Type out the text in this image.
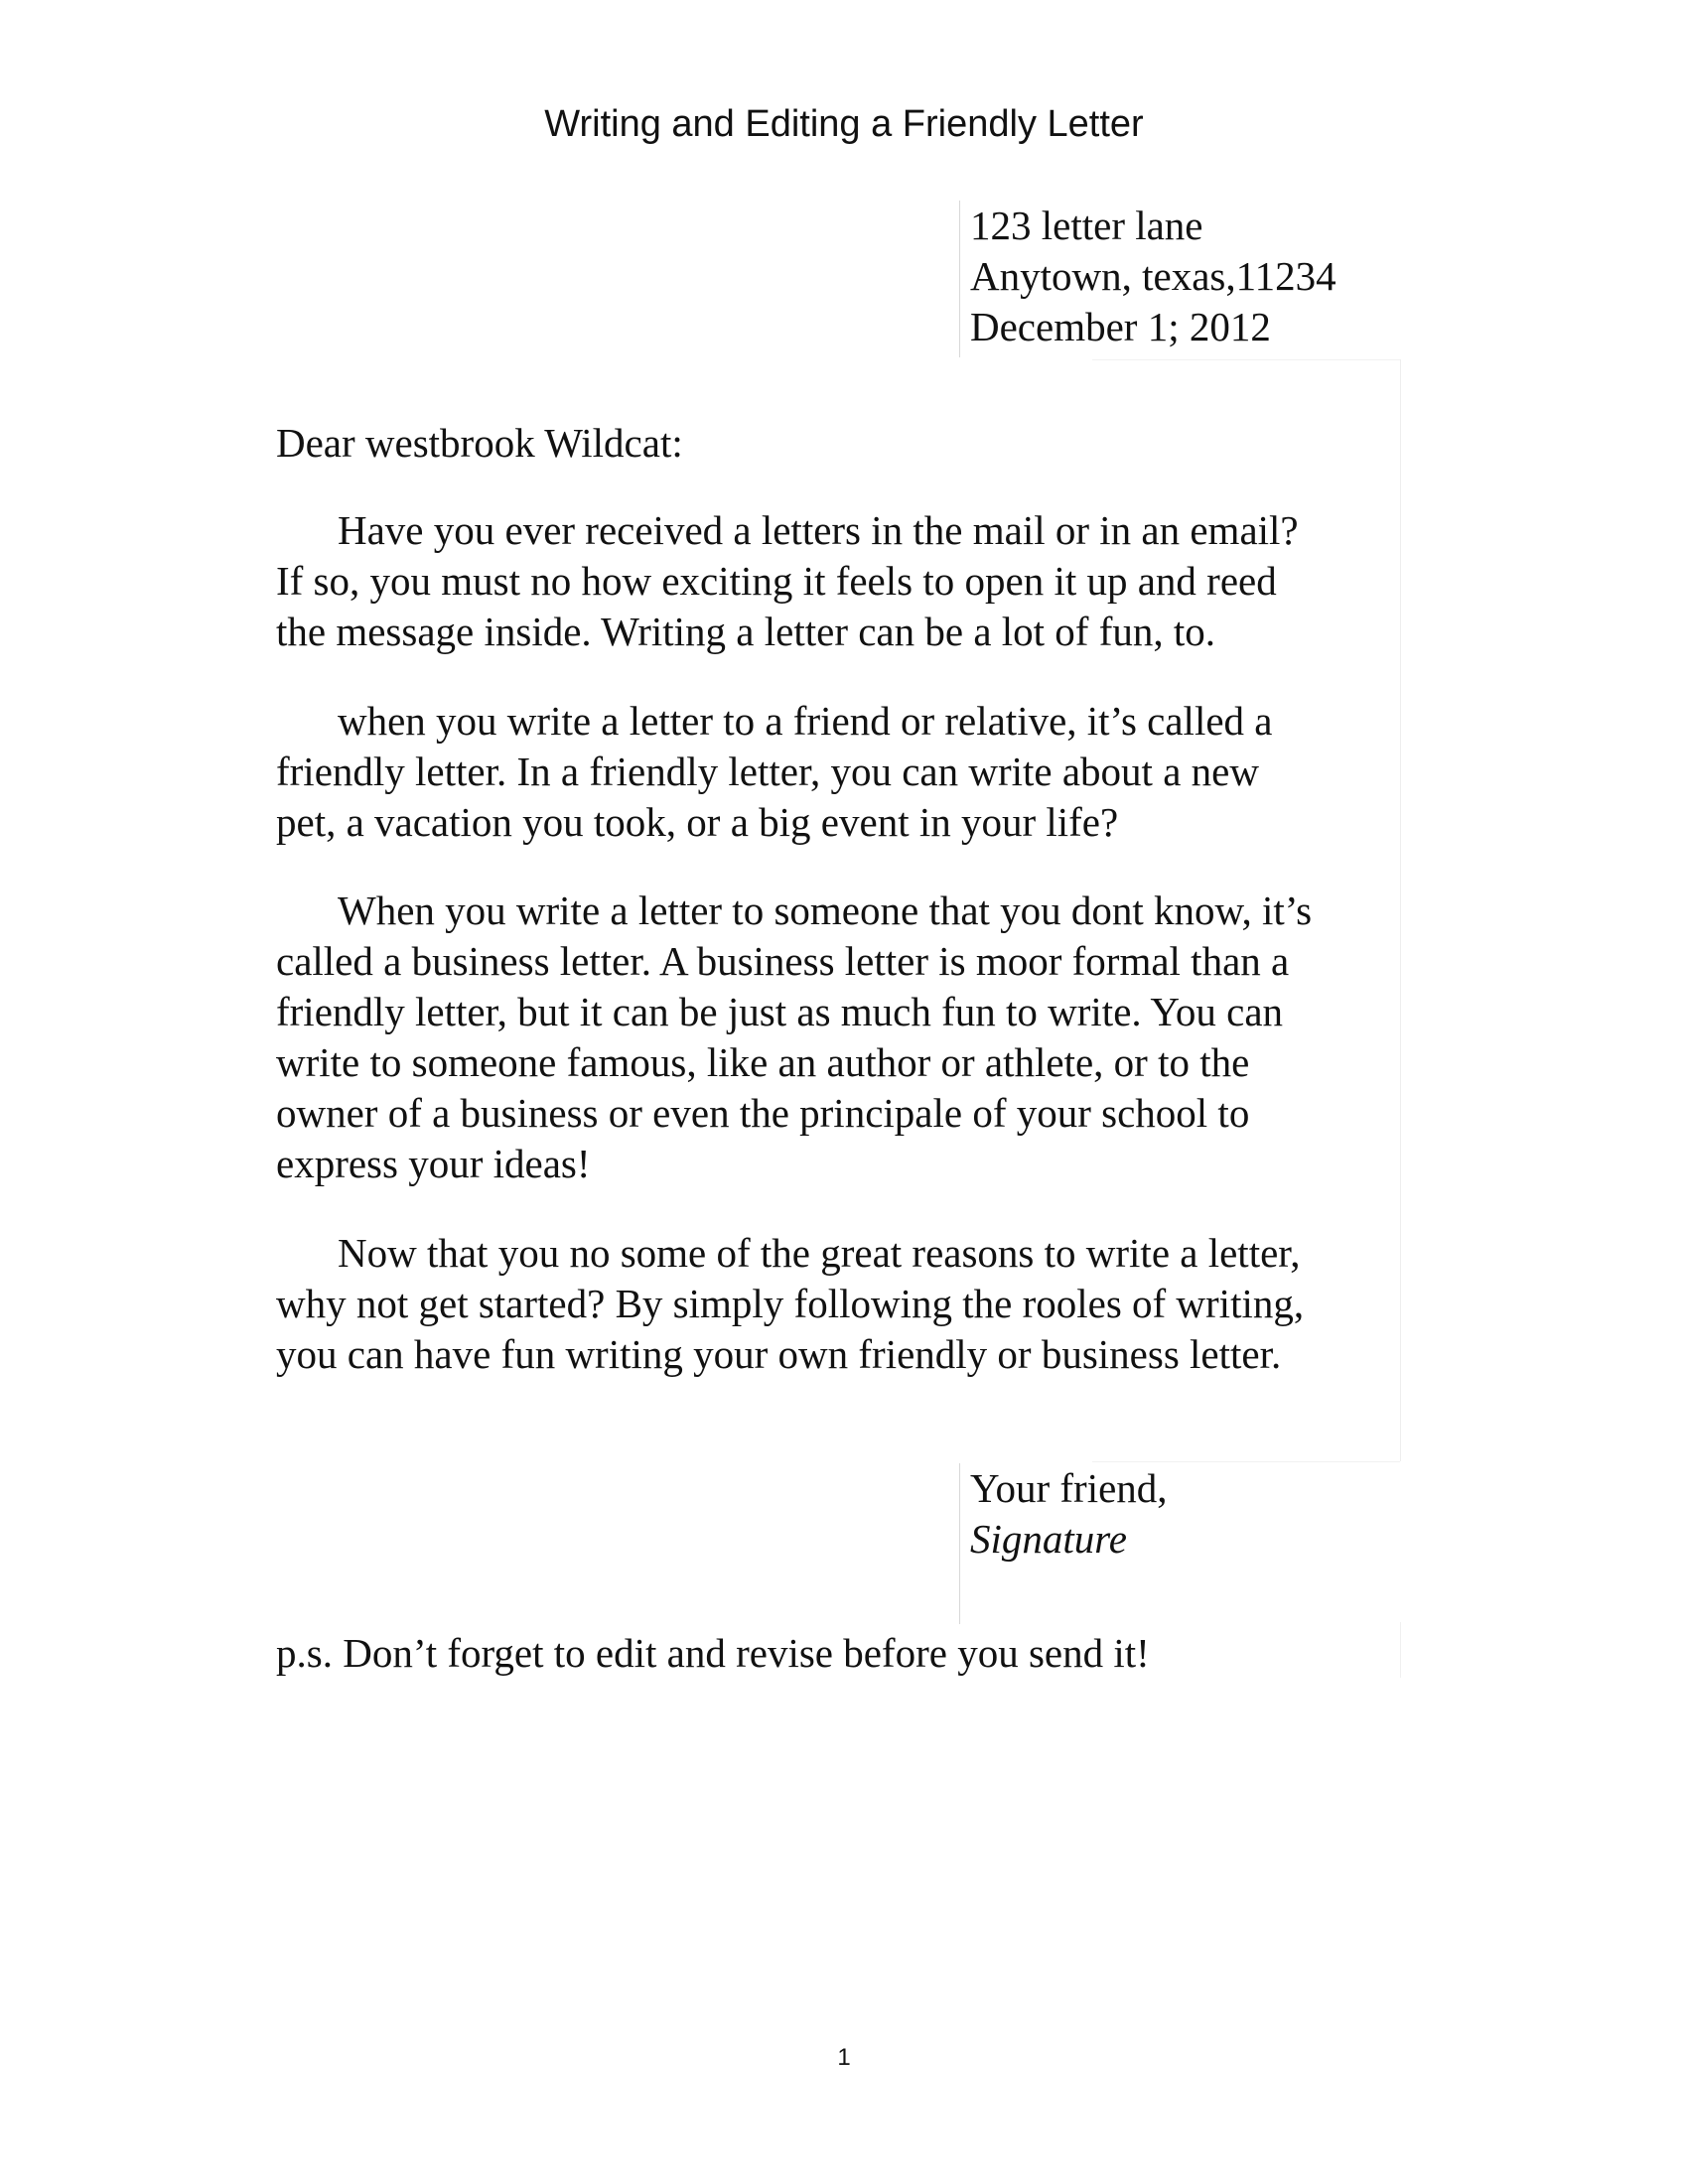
Writing and Editing a Friendly Letter
123 letter lane
Anytown, texas,11234
December 1; 2012
Dear westbrook Wildcat:

Have you ever received a letters in the mail or in an email?
If so, you must no how exciting it feels to open it up and reed
the message inside. Writing a letter can be a lot of fun, to.

when you write a letter to a friend or relative, it’s called a
friendly letter. In a friendly letter, you can write about a new
pet, a vacation you took, or a big event in your life?

When you write a letter to someone that you dont know, it’s
called a business letter. A business letter is moor formal than a
friendly letter, but it can be just as much fun to write. You can
write to someone famous, like an author or athlete, or to the
owner of a business or even the principale of your school to
express your ideas!

Now that you no some of the great reasons to write a letter,
why not get started? By simply following the rooles of writing,
you can have fun writing your own friendly or business letter.

Your friend,
Signature
p.s. Don’t forget to edit and revise before you send it!
1
